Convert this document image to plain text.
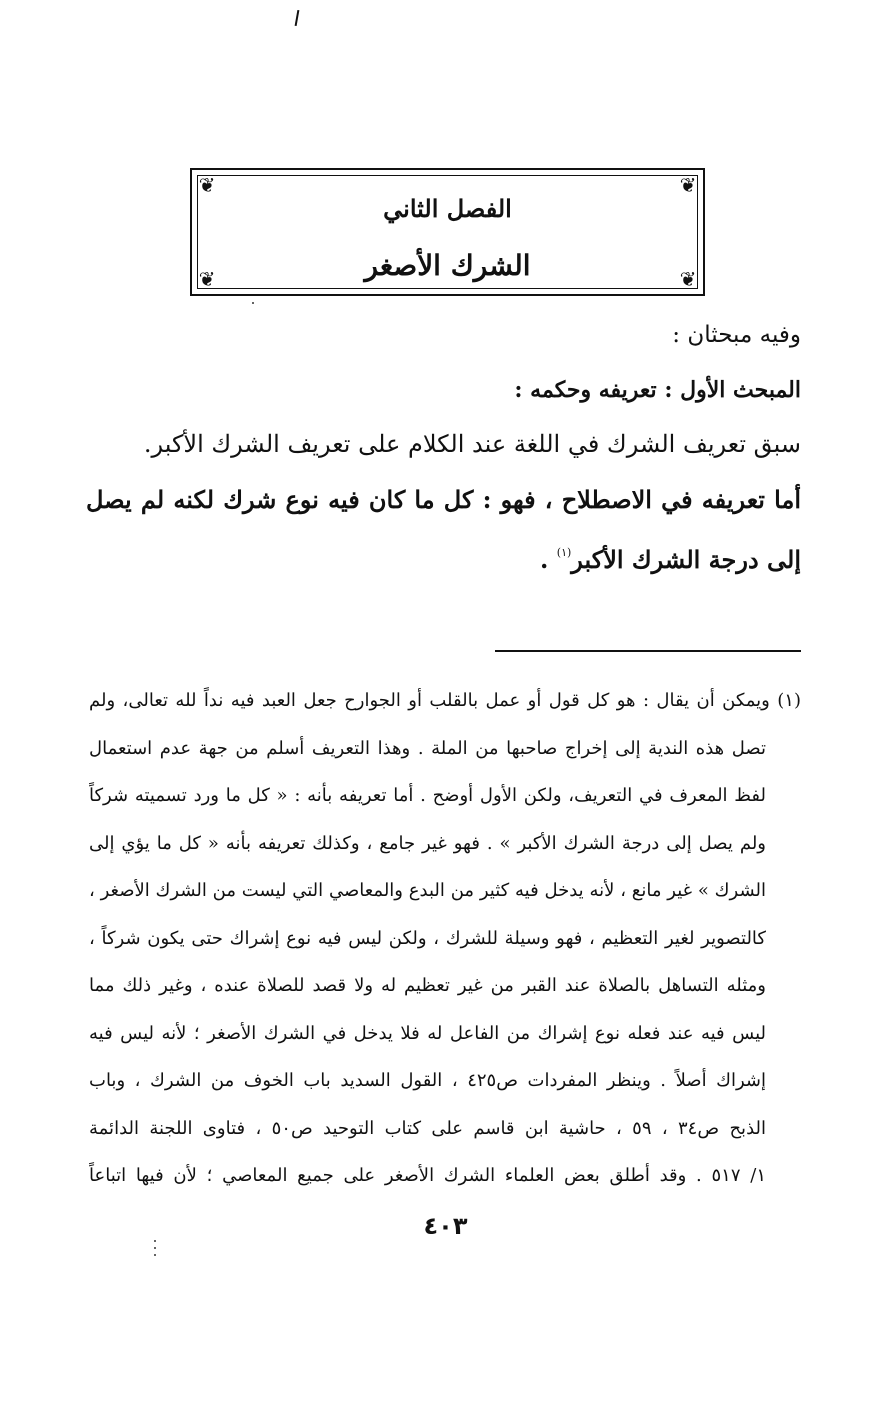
❦	❦
❦	❦
الفصل الثاني
الشرك الأصغر
وفيه مبحثان :
المبحث الأول : تعريفه وحكمه :
سبق تعريف الشرك في اللغة عند الكلام على تعريف الشرك الأكبر.
أما تعريفه في الاصطلاح ، فهو : كل ما كان فيه نوع شرك لكنه لم يصل
إلى درجة الشرك الأكبر$^{(١)}$ .
(١) ويمكن أن يقال : هو كل قول أو عمل بالقلب أو الجوارح جعل العبد فيه نداً لله تعالى، ولم
تصل هذه الندية إلى إخراج صاحبها من الملة . وهذا التعريف أسلم من جهة عدم استعمال
لفظ المعرف في التعريف، ولكن الأول أوضح . أما تعريفه بأنه : « كل ما ورد تسميته شركاً
ولم يصل إلى درجة الشرك الأكبر » . فهو غير جامع ، وكذلك تعريفه بأنه « كل ما يؤي إلى
الشرك » غير مانع ، لأنه يدخل فيه كثير من البدع والمعاصي التي ليست من الشرك الأصغر ،
كالتصوير لغير التعظيم ، فهو وسيلة للشرك ، ولكن ليس فيه نوع إشراك حتى يكون شركاً ،
ومثله التساهل بالصلاة عند القبر من غير تعظيم له ولا قصد للصلاة عنده ، وغير ذلك مما
ليس فيه عند فعله نوع إشراك من الفاعل له فلا يدخل في الشرك الأصغر ؛ لأنه ليس فيه
إشراك أصلاً . وينظر المفردات ص٤٢٥ ، القول السديد باب الخوف من الشرك ، وباب
الذبح ص٣٤ ، ٥٩ ، حاشية ابن قاسم على كتاب التوحيد ص٥٠ ، فتاوى اللجنة الدائمة
١/ ٥١٧ . وقد أطلق بعض العلماء الشرك الأصغر على جميع المعاصي ؛ لأن فيها اتباعاً
٤٠٣
